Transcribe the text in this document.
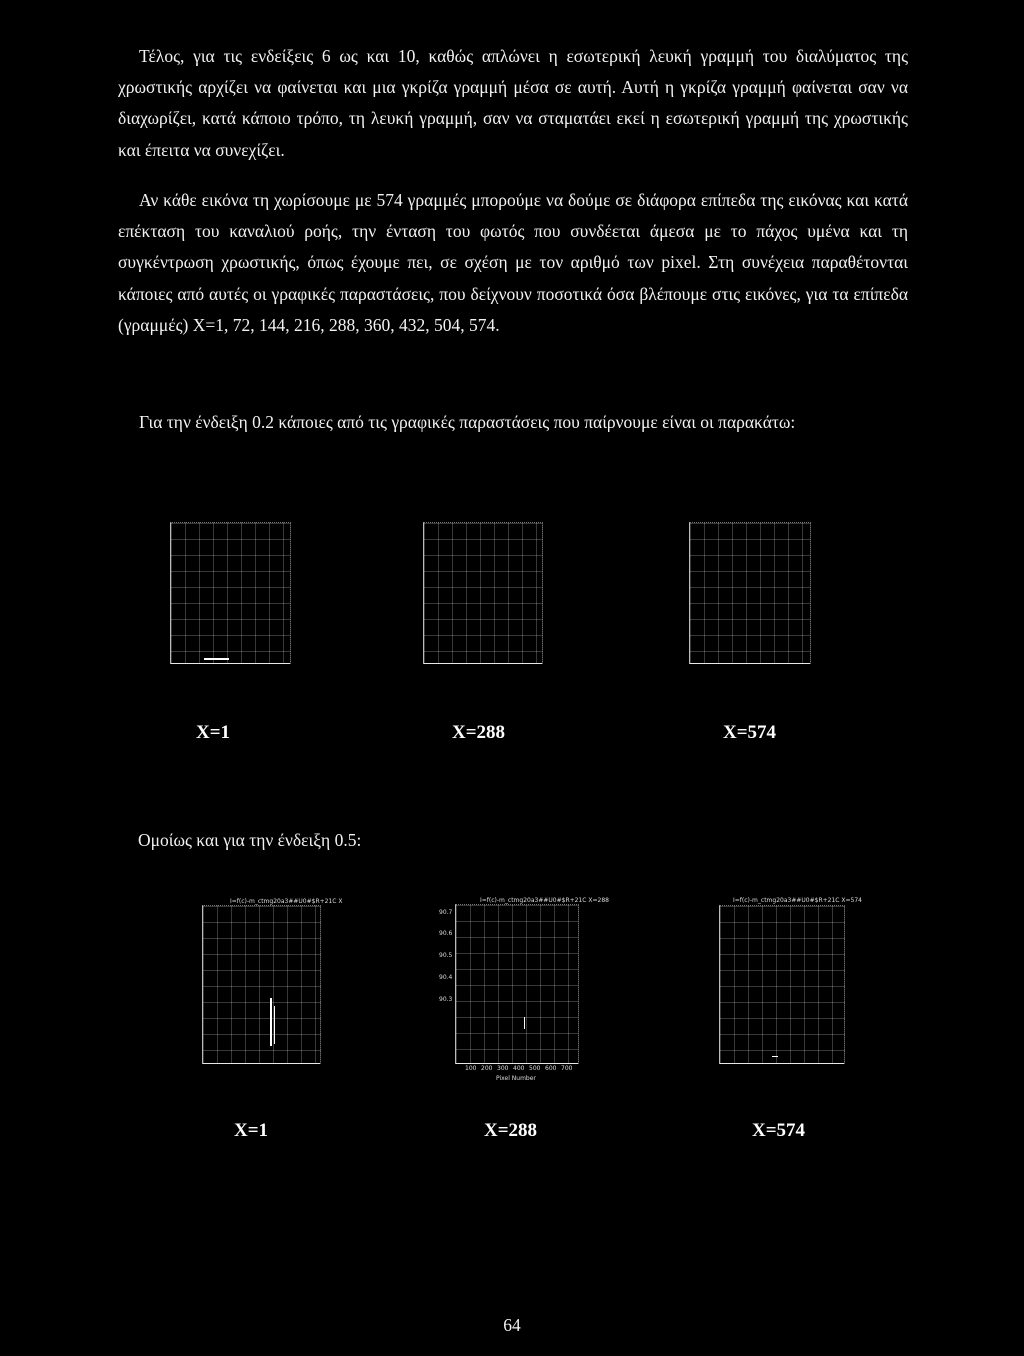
Τέλος, για τις ενδείξεις 6 ως και 10, καθώς απλώνει η εσωτερική λευκή γραμμή του διαλύματος της χρωστικής αρχίζει να φαίνεται και μια γκρίζα γραμμή μέσα σε αυτή. Αυτή η γκρίζα γραμμή φαίνεται σαν να διαχωρίζει, κατά κάποιο τρόπο, τη λευκή γραμμή, σαν να σταματάει εκεί η εσωτερική γραμμή της χρωστικής και έπειτα να συνεχίζει.
Αν κάθε εικόνα τη χωρίσουμε με 574 γραμμές μπορούμε να δούμε σε διάφορα επίπεδα της εικόνας και κατά επέκταση του καναλιού ροής, την ένταση του φωτός που συνδέεται άμεσα με το πάχος υμένα και τη συγκέντρωση χρωστικής, όπως έχουμε πει, σε σχέση με τον αριθμό των pixel. Στη συνέχεια παραθέτονται κάποιες από αυτές οι γραφικές παραστάσεις, που δείχνουν ποσοτικά όσα βλέπουμε στις εικόνες, για τα επίπεδα (γραμμές) Χ=1, 72, 144, 216, 288, 360, 432, 504, 574.
Για την ένδειξη 0.2 κάποιες από τις γραφικές παραστάσεις που παίρνουμε είναι οι παρακάτω:
X=1	X=288	X=574
Ομοίως και για την ένδειξη 0.5:
I=f(c)-m_ctmg20a3##U0#$R+21C X	I=f(c)-m_ctmg20a3##U0#$R+21C X=288
90.7
90.6
90.5
90.4
90.3
100 200 300 400 500 600 700
Pixel Number
I=f(c)-m_ctmg20a3##U0#$R+21C X=574
X=1	X=288	X=574
64
